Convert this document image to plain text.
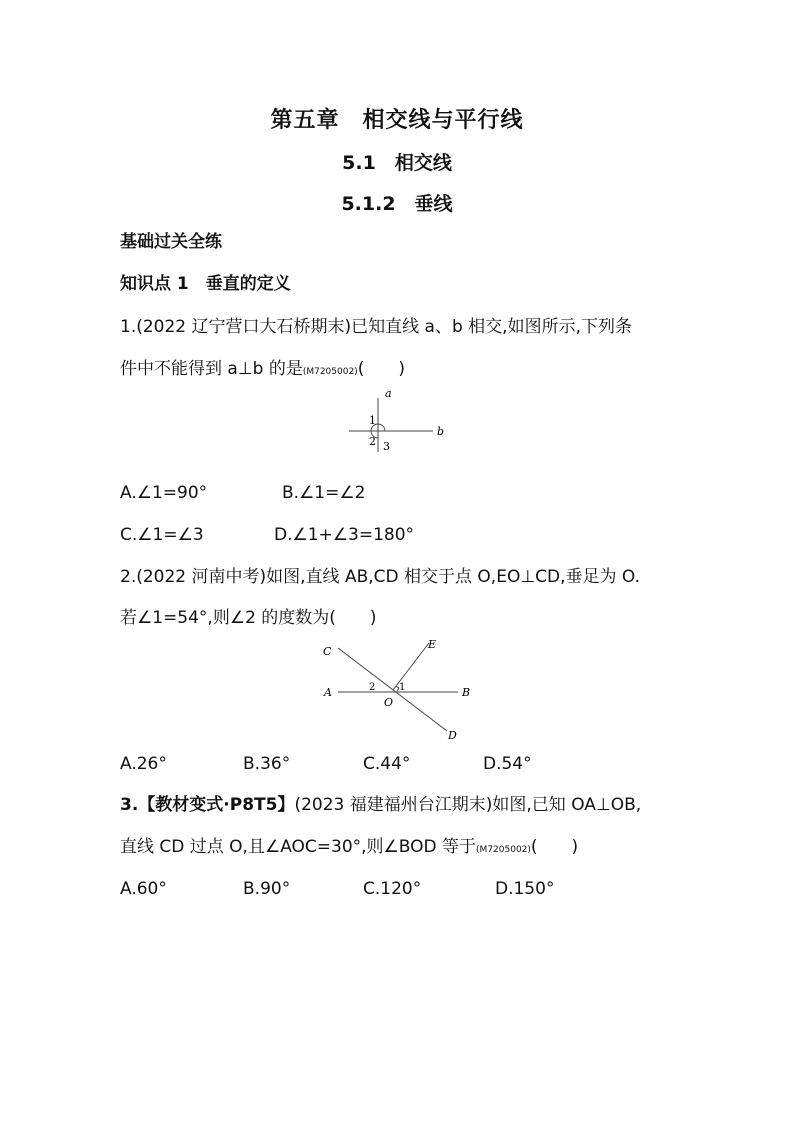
第五章　相交线与平行线
5.1　相交线
5.1.2　垂线
基础过关全练
知识点 1　垂直的定义
1.(2022 辽宁营口大石桥期末)已知直线 a、b 相交,如图所示,下列条
件中不能得到 a⊥b 的是(M7205002)(　　)
a
b
1
2 3
A.∠1=90°	B.∠1=∠2
C.∠1=∠3	D.∠1+∠3=180°
2.(2022 河南中考)如图,直线 AB,CD 相交于点 O,EO⊥CD,垂足为 O.
若∠1=54°,则∠2 的度数为(　　)
C
E
A	B
O
D
2 1
A.26°	B.36°	C.44°	D.54°
3.【教材变式·P8T5】(2023 福建福州台江期末)如图,已知 OA⊥OB,
直线 CD 过点 O,且∠AOC=30°,则∠BOD 等于(M7205002)(　　)
A.60°	B.90°	C.120°	D.150°
